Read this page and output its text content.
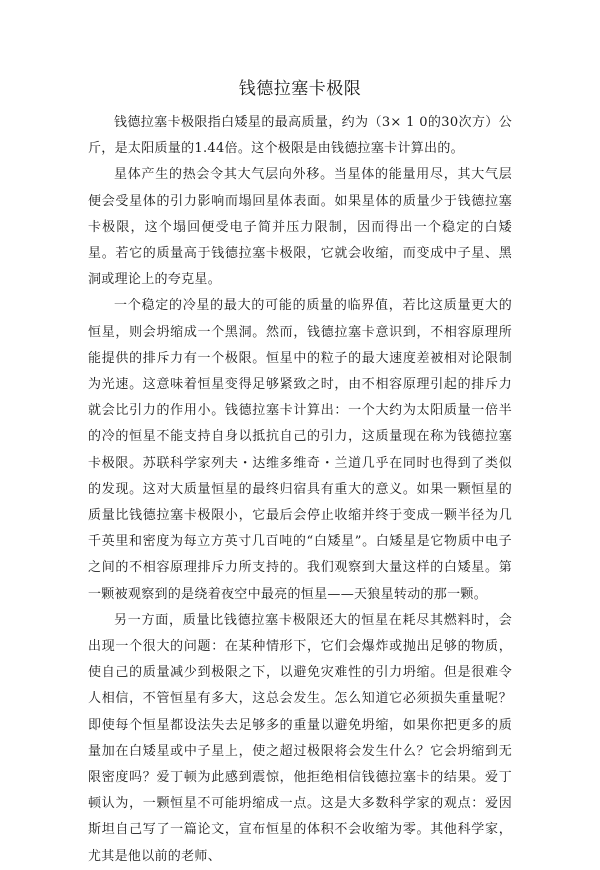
钱德拉塞卡极限

钱德拉塞卡极限指白矮星的最高质量，约为（3× 1 0的30次方）公斤，是太阳质量的1.44倍。这个极限是由钱德拉塞卡计算出的。

星体产生的热会令其大气层向外移。当星体的能量用尽，其大气层便会受星体的引力影响而塌回星体表面。如果星体的质量少于钱德拉塞卡极限，这个塌回便受电子简并压力限制，因而得出一个稳定的白矮星。若它的质量高于钱德拉塞卡极限，它就会收缩，而变成中子星、黑洞或理论上的夸克星。

一个稳定的冷星的最大的可能的质量的临界值，若比这质量更大的恒星，则会坍缩成一个黑洞。然而，钱德拉塞卡意识到，不相容原理所能提供的排斥力有一个极限。恒星中的粒子的最大速度差被相对论限制为光速。这意味着恒星变得足够紧致之时，由不相容原理引起的排斥力就会比引力的作用小。钱德拉塞卡计算出：一个大约为太阳质量一倍半的冷的恒星不能支持自身以抵抗自己的引力，这质量现在称为钱德拉塞卡极限。苏联科学家列夫・达维多维奇・兰道几乎在同时也得到了类似的发现。这对大质量恒星的最终归宿具有重大的意义。如果一颗恒星的质量比钱德拉塞卡极限小，它最后会停止收缩并终于变成一颗半径为几千英里和密度为每立方英寸几百吨的“白矮星”。白矮星是它物质中电子之间的不相容原理排斥力所支持的。我们观察到大量这样的白矮星。第一颗被观察到的是绕着夜空中最亮的恒星——天狼星转动的那一颗。

另一方面，质量比钱德拉塞卡极限还大的恒星在耗尽其燃料时，会出现一个很大的问题：在某种情形下，它们会爆炸或抛出足够的物质，使自己的质量减少到极限之下，以避免灾难性的引力坍缩。但是很难令人相信，不管恒星有多大，这总会发生。怎么知道它必须损失重量呢？即使每个恒星都设法失去足够多的重量以避免坍缩，如果你把更多的质量加在白矮星或中子星上，使之超过极限将会发生什么？它会坍缩到无限密度吗？爱丁顿为此感到震惊，他拒绝相信钱德拉塞卡的结果。爱丁顿认为，一颗恒星不可能坍缩成一点。这是大多数科学家的观点：爱因斯坦自己写了一篇论文，宣布恒星的体积不会收缩为零。其他科学家，尤其是他以前的老师、
